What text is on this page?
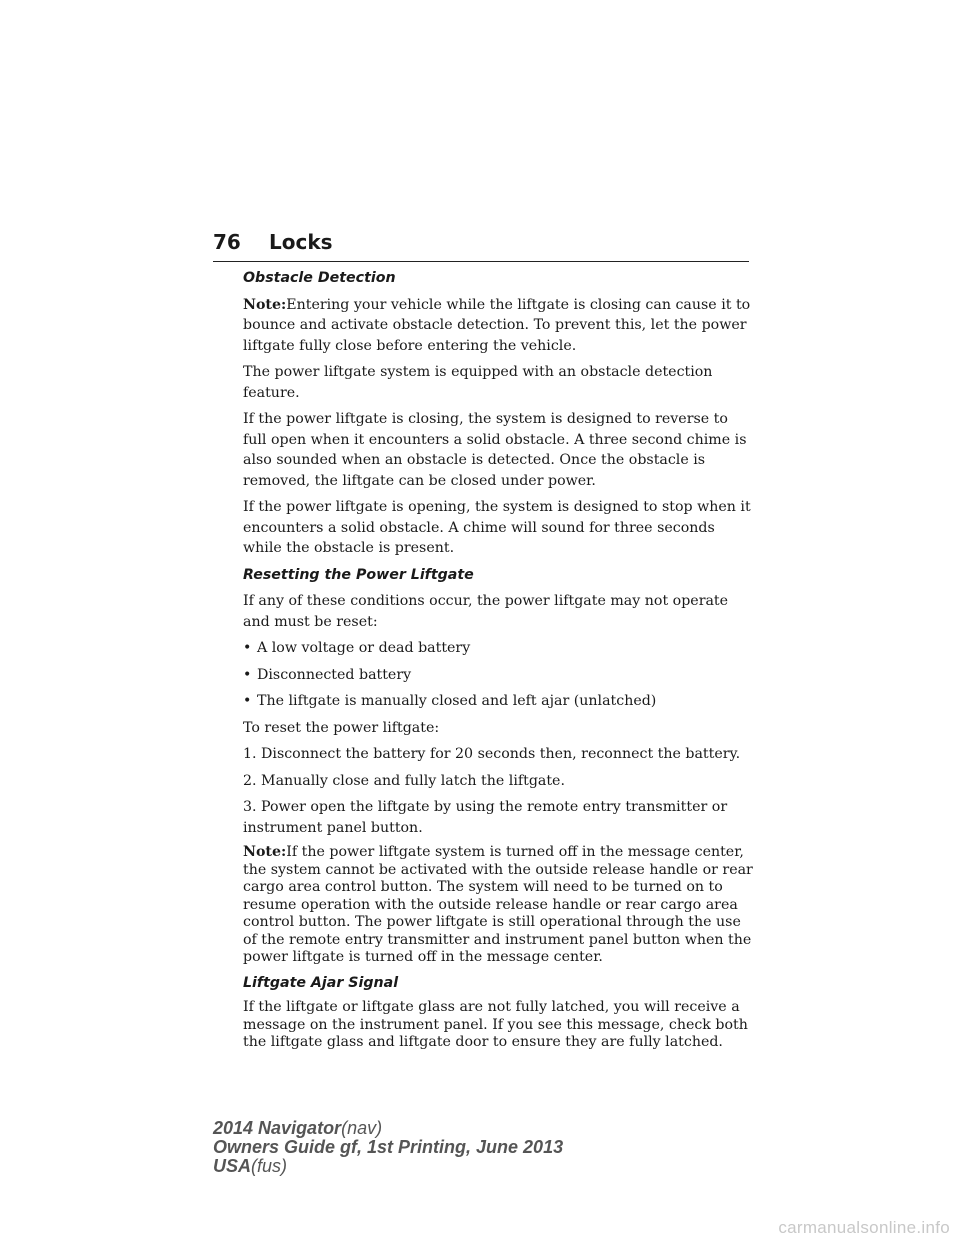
76 Locks
Obstacle Detection

Note:Entering your vehicle while the liftgate is closing can cause it to bounce and activate obstacle detection. To prevent this, let the power liftgate fully close before entering the vehicle.

The power liftgate system is equipped with an obstacle detection feature.

If the power liftgate is closing, the system is designed to reverse to full open when it encounters a solid obstacle. A three second chime is also sounded when an obstacle is detected. Once the obstacle is removed, the liftgate can be closed under power.

If the power liftgate is opening, the system is designed to stop when it encounters a solid obstacle. A chime will sound for three seconds while the obstacle is present.

Resetting the Power Liftgate

If any of these conditions occur, the power liftgate may not operate and must be reset:

• A low voltage or dead battery
• Disconnected battery
• The liftgate is manually closed and left ajar (unlatched)

To reset the power liftgate:

1. Disconnect the battery for 20 seconds then, reconnect the battery.

2. Manually close and fully latch the liftgate.

3. Power open the liftgate by using the remote entry transmitter or instrument panel button.

Note:If the power liftgate system is turned off in the message center, the system cannot be activated with the outside release handle or rear cargo area control button. The system will need to be turned on to resume operation with the outside release handle or rear cargo area control button. The power liftgate is still operational through the use of the remote entry transmitter and instrument panel button when the power liftgate is turned off in the message center.

Liftgate Ajar Signal

If the liftgate or liftgate glass are not fully latched, you will receive a message on the instrument panel. If you see this message, check both the liftgate glass and liftgate door to ensure they are fully latched.

2014 Navigator(nav)
Owners Guide gf, 1st Printing, June 2013
USA(fus)
carmanualsonline.info
